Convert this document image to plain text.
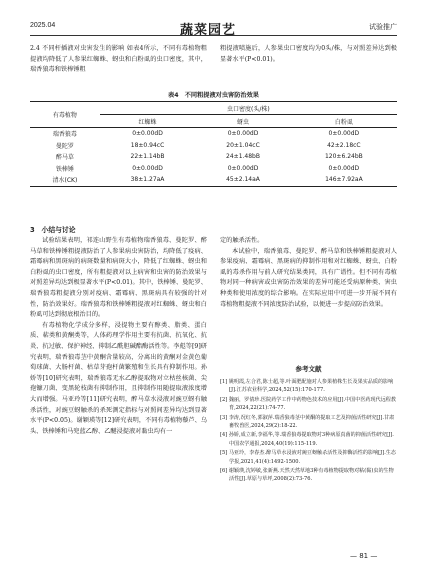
2025.04	蔬菜园艺	试验推广

2.4 不同杆插液对虫害发生的影响 如表4所示，不同有毒植物粗提液均降低了人参果红蜘蛛、蚜虫和白粉虱的虫口密度，其中，瑞香狼毒和铁棒锤粗

粗提液喷施后，人参果虫口密度均为0头/株，与对照差异达到极显著水平(P<0.01)。

表4　不同粗提液对虫害防治效果
有毒植物	虫口密度(头/株)		
	红蜘蛛	蚜虫	白粉虱
瑞香狼毒	0±0.00dD	0±0.00dD	0±0.00dD
曼陀罗	18±0.94cC	20±1.04cC	42±2.18cC
醉马草	22±1.14bB	24±1.48bB	120±6.24bB
铁棒锤	0±0.00dD	0±0.00dD	0±0.00dD
清水(CK)	38±1.27aA	45±2.14aA	146±7.92aA
3　小结与讨论

试验结果表明，祁连山野生有毒植物瑞香狼毒、曼陀罗、醉马草和铁棒锤粗提液防治了人参果病虫害防治，均降低了疫病、霜霉病和黑斑病的病斑数量和病斑大小，降低了红蜘蛛、蚜虫和白粉虱的虫口密度，所有粗提液对以上病害和虫害的防治效果与对照差异均达到极显著水平(P<0.01)。其中，铁棒锤、曼陀罗、瑞香狼毒粗提液分别对疫病、霜霉病、黑斑病具有较强的针对性，防治效果好。瑞香狼毒和铁棒锤粗提液对红蜘蛛、蚜虫和白粉虱可达到彻底根治目的。

有毒植物化学成分多样，浸提物主要有醇类、脂类、蛋白质、萜类和黄酮类等，人体药理学作用主要有抗菌、抗氧化、抗炎、抗过敏、保护神经、抑制乙酰胆碱酯酶活性等。李彪等[9]研究表明，瑞香狼毒茎中黄酮含量较高，分离出的黄酮对金黄色葡萄球菌、大肠杆菌、枯草芽孢杆菌繁殖和生长具有抑制作用。孙娇等[10]研究表明，瑞香狼毒无水乙醇提取物对立枯丝核菌、尖孢镰刀菌、变黑轮枝菌有抑制作用，且抑制作用随提取液浓度增大而增强。马亚玲等[11]研究表明，醉马草水浸液对豌豆蚜有触杀活性，对豌豆蚜触杀的杀死测定指标与对照间差异均达到显著水平(P<0.05)。谢颖瑛等[12]研究表明，不同有毒植物藜芦、乌头、铁棒锤和马兜蓝乙醇、乙醚浸提液对黏虫均有一

定的触杀活性。

本试验中，瑞香狼毒、曼陀罗、醉马草和铁棒锤粗提液对人参果疫病、霜霉病、黑斑病的抑制作用和对红蜘蛛、蚜虫、白粉虱的毒杀作用与前人研究结果类同，具有广谱性。但不同有毒植物对同一种病害或虫害防治效果的差异可能还受病原种类、害虫种类和使用浓度的综合影响。在实际应用中可进一步开展不同有毒植物粗提液不同浓度防治试验，以便进一步提高防治效果。

参考文献

[1] 姚明霞,左合君,陈士超,等.叶面肥配施对人参果植株生长及果实品质的影响[J].江苏农业科学,2024,52(15):170-177.

[2] 魏丽，罗倩珍.医院药学工作中药物色技术的应用[J].中国中医药现代远程教育,2024,22(21):74-77.

[3] 李涛,况红冬,郭淑萍.瑞香狼毒茎中黄酮的提取工艺及抑菌活性研究[J].甘肃畜牧兽医,2024,29(2):18-22.

[4] 孙娇,成立新,李福华,等.瑞香狼毒提取物对3种病原真菌的抑菌活性研究[J].中国农学通报,2024,40(19):115-119.

[5] 马亚玲，李春杰.醉马草水浸液对豌豆蚜触杀活性及抑酶活性的影响[J].生态学报,2021,41(4):1492-1500.

[6] 谢颖瑛,沈婷敏,张新燕.天然天然草地3种有毒植物提取物对粘(黏)虫的生物活性[J].草原与草坪,2008(2):73-76.

— 81 —
